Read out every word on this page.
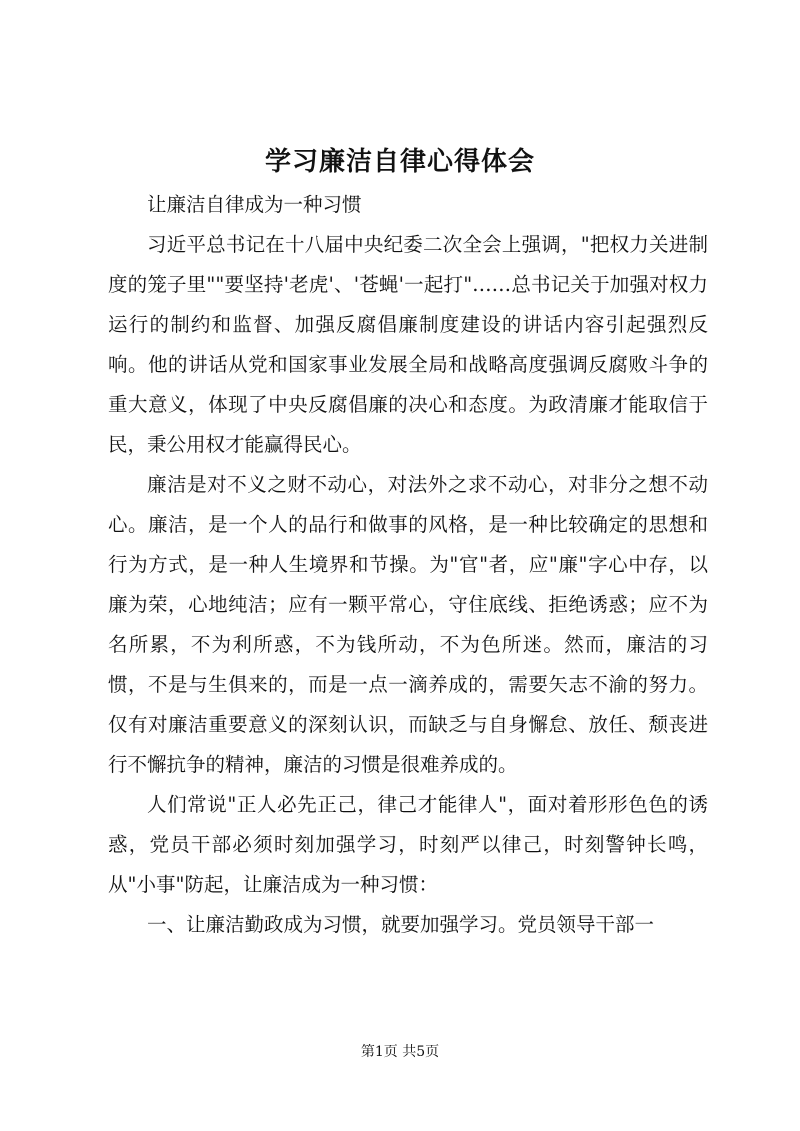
学习廉洁自律心得体会

让廉洁自律成为一种习惯

习近平总书记在十八届中央纪委二次全会上强调，"把权力关进制度的笼子里""要坚持'老虎'、'苍蝇'一起打"……总书记关于加强对权力运行的制约和监督、加强反腐倡廉制度建设的讲话内容引起强烈反响。他的讲话从党和国家事业发展全局和战略高度强调反腐败斗争的重大意义，体现了中央反腐倡廉的决心和态度。为政清廉才能取信于民，秉公用权才能赢得民心。

廉洁是对不义之财不动心，对法外之求不动心，对非分之想不动心。廉洁，是一个人的品行和做事的风格，是一种比较确定的思想和行为方式，是一种人生境界和节操。为"官"者，应"廉"字心中存，以廉为荣，心地纯洁；应有一颗平常心，守住底线、拒绝诱惑；应不为名所累，不为利所惑，不为钱所动，不为色所迷。然而，廉洁的习惯，不是与生俱来的，而是一点一滴养成的，需要矢志不渝的努力。仅有对廉洁重要意义的深刻认识，而缺乏与自身懈怠、放任、颓丧进行不懈抗争的精神，廉洁的习惯是很难养成的。

人们常说"正人必先正己，律己才能律人"，面对着形形色色的诱惑，党员干部必须时刻加强学习，时刻严以律己，时刻警钟长鸣，从"小事"防起，让廉洁成为一种习惯：

一、让廉洁勤政成为习惯，就要加强学习。党员领导干部一

第1页 共5页
